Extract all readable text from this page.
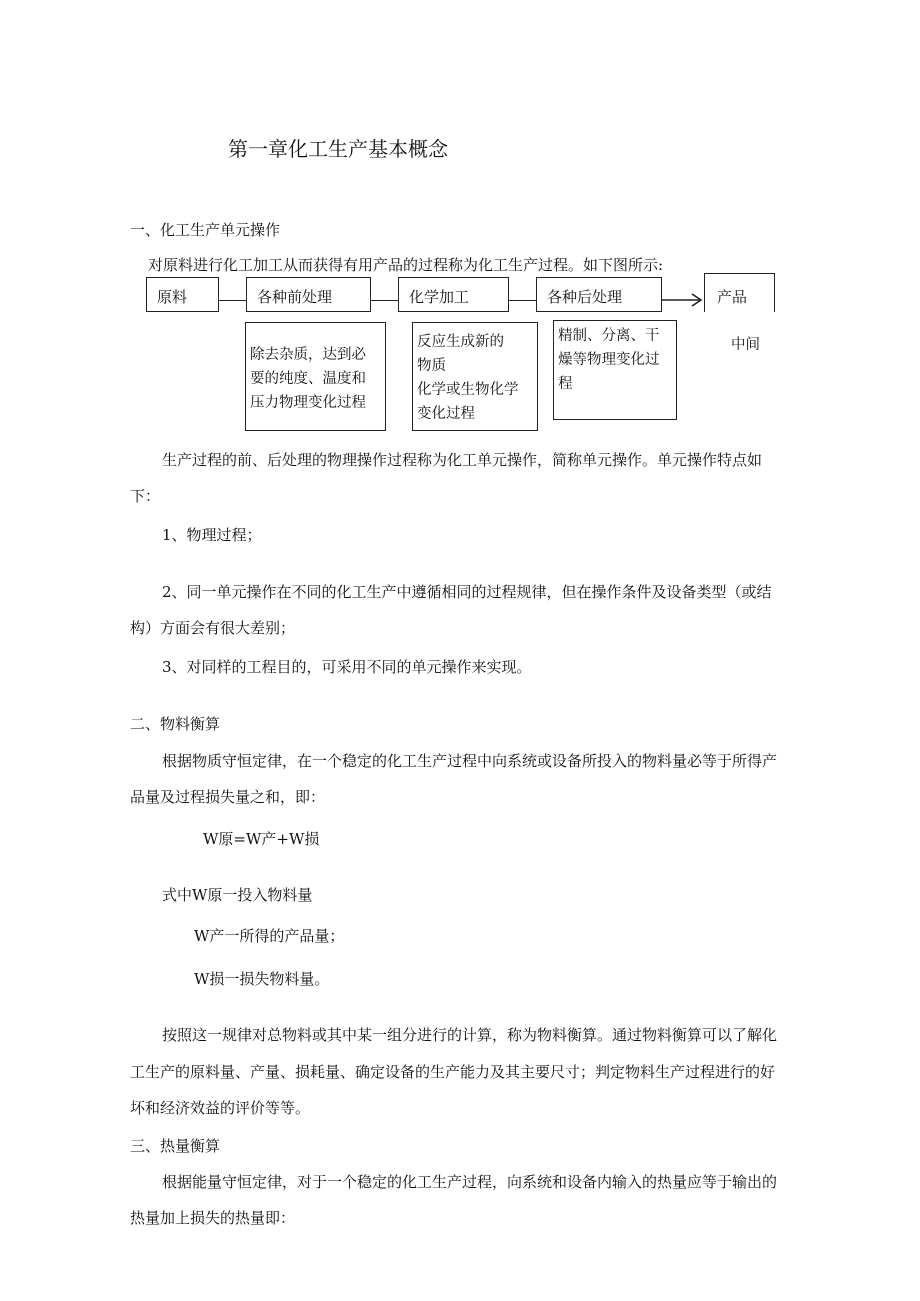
第一章化工生产基本概念
一、化工生产单元操作
对原料进行化工加工从而获得有用产品的过程称为化工生产过程。如下图所示:
原料	各种前处理	化学加工	各种后处理	产品
除去杂质，达到必
要的纯度、温度和
压力物理变化过程
反应生成新的
物质
化学或生物化学
变化过程
精制、分离、干
燥等物理变化过
程
中间
生产过程的前、后处理的物理操作过程称为化工单元操作，简称单元操作。单元操作特点如
下：
1、物理过程；
2、同一单元操作在不同的化工生产中遵循相同的过程规律，但在操作条件及设备类型（或结
构）方面会有很大差别；
3、对同样的工程目的，可采用不同的单元操作来实现。
二、物料衡算
根据物质守恒定律，在一个稳定的化工生产过程中向系统或设备所投入的物料量必等于所得产
品量及过程损失量之和，即：
W原=W产+W损
式中W原一投入物料量
W产一所得的产品量；
W损一损失物料量。
按照这一规律对总物料或其中某一组分进行的计算，称为物料衡算。通过物料衡算可以了解化
工生产的原料量、产量、损耗量、确定设备的生产能力及其主要尺寸；判定物料生产过程进行的好
坏和经济效益的评价等等。
三、热量衡算
根据能量守恒定律，对于一个稳定的化工生产过程，向系统和设备内输入的热量应等于输出的
热量加上损失的热量即：
